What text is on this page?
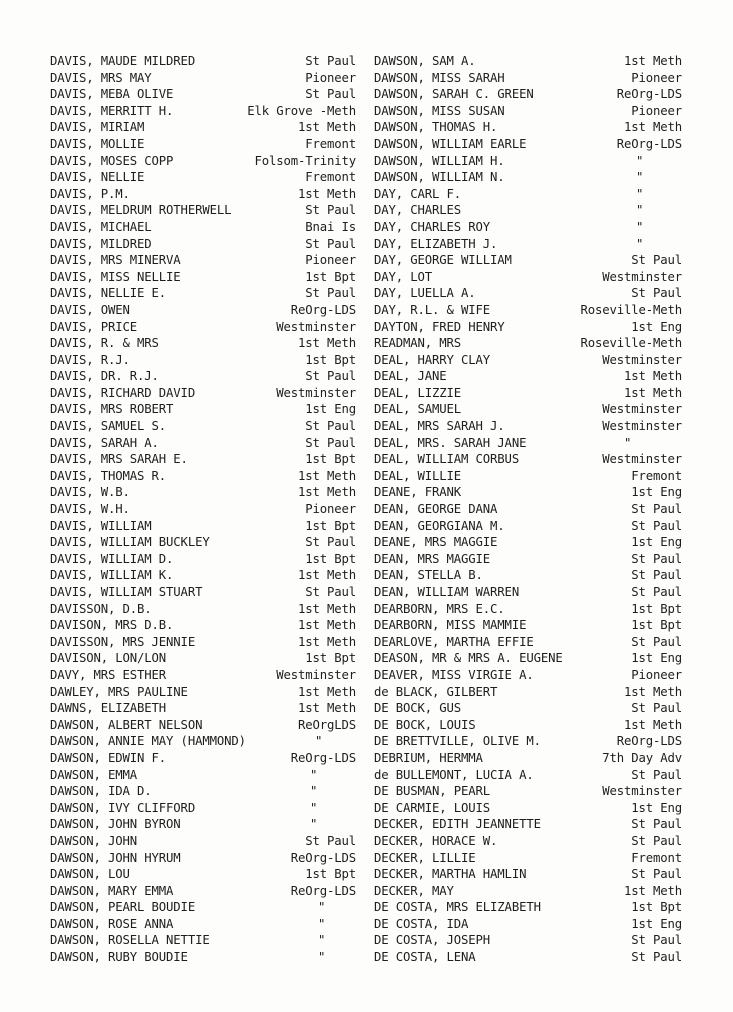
DAVIS, MAUDE MILDRED	St Paul
DAVIS, MRS MAY	Pioneer
DAVIS, MEBA OLIVE	St Paul
DAVIS, MERRITT H.	Elk Grove -Meth
DAVIS, MIRIAM	1st Meth
DAVIS, MOLLIE	Fremont
DAVIS, MOSES COPP	Folsom-Trinity
DAVIS, NELLIE	Fremont
DAVIS, P.M.	1st Meth
DAVIS, MELDRUM ROTHERWELL	St Paul
DAVIS, MICHAEL	Bnai Is
DAVIS, MILDRED	St Paul
DAVIS, MRS MINERVA	Pioneer
DAVIS, MISS NELLIE	1st Bpt
DAVIS, NELLIE E.	St Paul
DAVIS, OWEN	ReOrg-LDS
DAVIS, PRICE	Westminster
DAVIS, R. & MRS	1st Meth
DAVIS, R.J.	1st Bpt
DAVIS, DR. R.J.	St Paul
DAVIS, RICHARD DAVID	Westminster
DAVIS, MRS ROBERT	1st Eng
DAVIS, SAMUEL S.	St Paul
DAVIS, SARAH A.	St Paul
DAVIS, MRS SARAH E.	1st Bpt
DAVIS, THOMAS R.	1st Meth
DAVIS, W.B.	1st Meth
DAVIS, W.H.	Pioneer
DAVIS, WILLIAM	1st Bpt
DAVIS, WILLIAM BUCKLEY	St Paul
DAVIS, WILLIAM D.	1st Bpt
DAVIS, WILLIAM K.	1st Meth
DAVIS, WILLIAM STUART	St Paul
DAVISSON, D.B.	1st Meth
DAVISON, MRS D.B.	1st Meth
DAVISSON, MRS JENNIE	1st Meth
DAVISON, LON/LON	1st Bpt
DAVY, MRS ESTHER	Westminster
DAWLEY, MRS PAULINE	1st Meth
DAWNS, ELIZABETH	1st Meth
DAWSON, ALBERT NELSON	ReOrgLDS
DAWSON, ANNIE MAY (HAMMOND)	"
DAWSON, EDWIN F.	ReOrg-LDS
DAWSON, EMMA	"
DAWSON, IDA D.	"
DAWSON, IVY CLIFFORD	"
DAWSON, JOHN BYRON	"
DAWSON, JOHN	St Paul
DAWSON, JOHN HYRUM	ReOrg-LDS
DAWSON, LOU	1st Bpt
DAWSON, MARY EMMA	ReOrg-LDS
DAWSON, PEARL BOUDIE	"
DAWSON, ROSE ANNA	"
DAWSON, ROSELLA NETTIE	"
DAWSON, RUBY BOUDIE	"
DAWSON, SAM A.	1st Meth
DAWSON, MISS SARAH	Pioneer
DAWSON, SARAH C. GREEN	ReOrg-LDS
DAWSON, MISS SUSAN	Pioneer
DAWSON, THOMAS H.	1st Meth
DAWSON, WILLIAM EARLE	ReOrg-LDS
DAWSON, WILLIAM H.	"
DAWSON, WILLIAM N.	"
DAY, CARL F.	"
DAY, CHARLES	"
DAY, CHARLES ROY	"
DAY, ELIZABETH J.	"
DAY, GEORGE WILLIAM	St Paul
DAY, LOT	Westminster
DAY, LUELLA A.	St Paul
DAY, R.L. & WIFE	Roseville-Meth
DAYTON, FRED HENRY	1st Eng
READMAN, MRS	Roseville-Meth
DEAL, HARRY CLAY	Westminster
DEAL, JANE	1st Meth
DEAL, LIZZIE	1st Meth
DEAL, SAMUEL	Westminster
DEAL, MRS SARAH J.	Westminster
DEAL, MRS. SARAH JANE	"
DEAL, WILLIAM CORBUS	Westminster
DEAL, WILLIE	Fremont
DEANE, FRANK	1st Eng
DEAN, GEORGE DANA	St Paul
DEAN, GEORGIANA M.	St Paul
DEANE, MRS MAGGIE	1st Eng
DEAN, MRS MAGGIE	St Paul
DEAN, STELLA B.	St Paul
DEAN, WILLIAM WARREN	St Paul
DEARBORN, MRS E.C.	1st Bpt
DEARBORN, MISS MAMMIE	1st Bpt
DEARLOVE, MARTHA EFFIE	St Paul
DEASON, MR & MRS A. EUGENE	1st Eng
DEAVER, MISS VIRGIE A.	Pioneer
de BLACK, GILBERT	1st Meth
DE BOCK, GUS	St Paul
DE BOCK, LOUIS	1st Meth
DE BRETTVILLE, OLIVE M.	ReOrg-LDS
DEBRIUM, HERMMA	7th Day Adv
de BULLEMONT, LUCIA A.	St Paul
DE BUSMAN, PEARL	Westminster
DE CARMIE, LOUIS	1st Eng
DECKER, EDITH JEANNETTE	St Paul
DECKER, HORACE W.	St Paul
DECKER, LILLIE	Fremont
DECKER, MARTHA HAMLIN	St Paul
DECKER, MAY	1st Meth
DE COSTA, MRS ELIZABETH	1st Bpt
DE COSTA, IDA	1st Eng
DE COSTA, JOSEPH	St Paul
DE COSTA, LENA	St Paul
